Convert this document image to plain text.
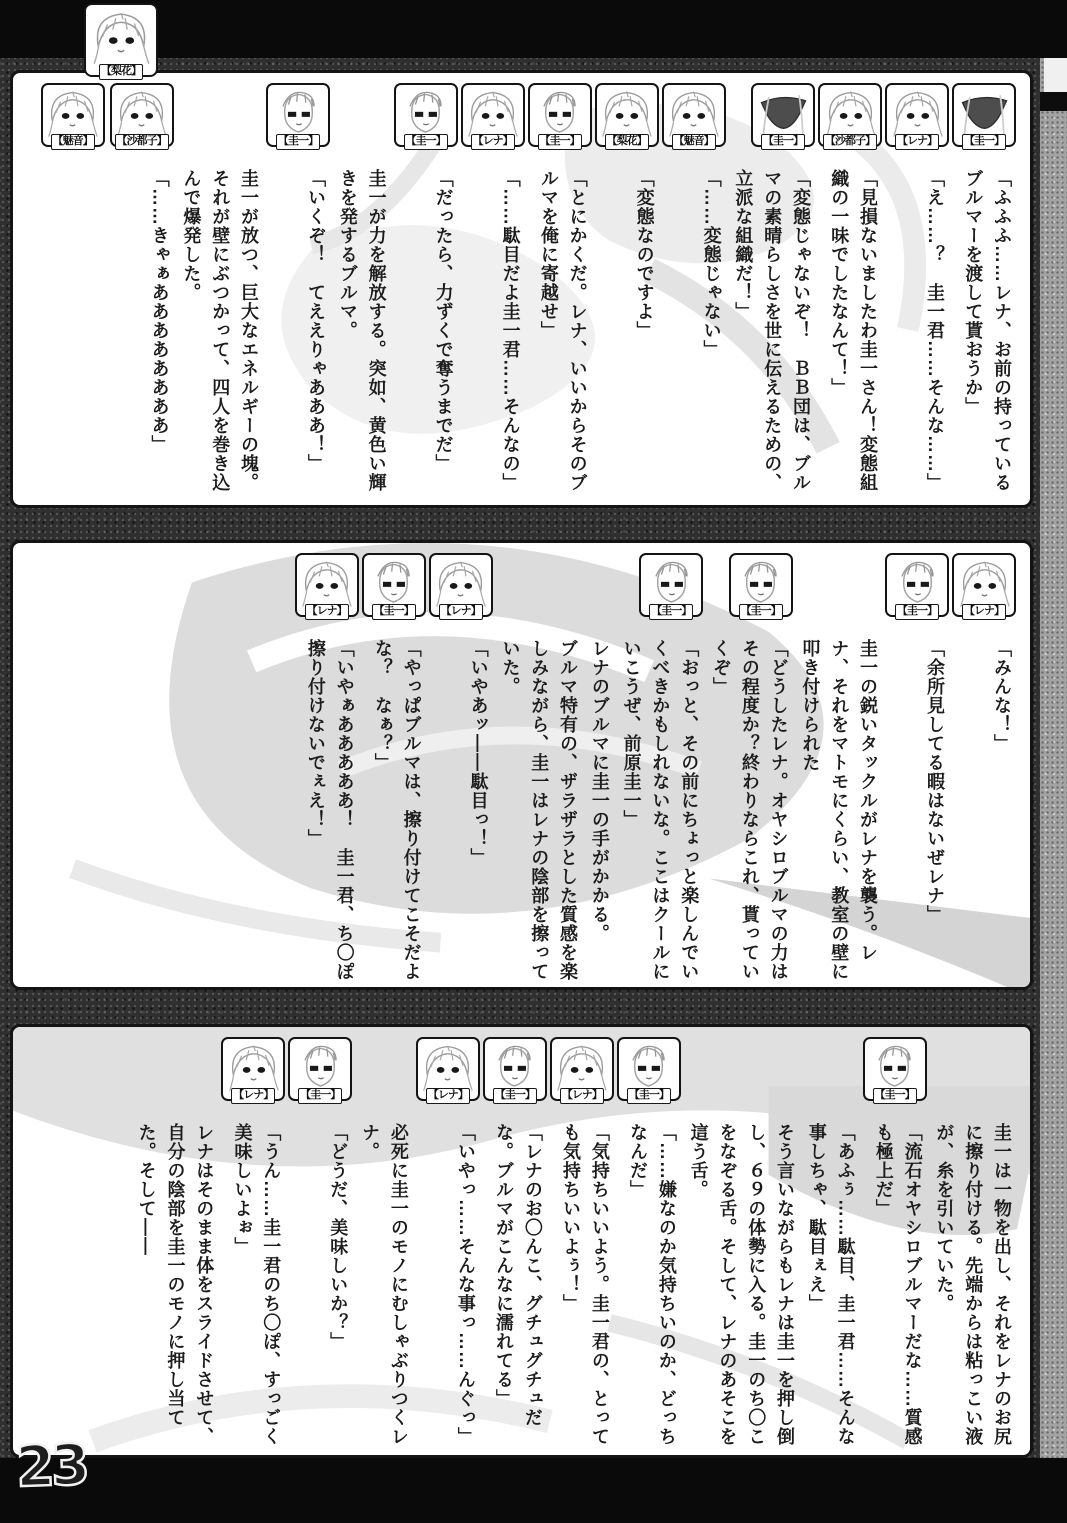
【圭一】
「ふふふ……レナ、お前の持っているブルマーを渡して貰おうか」
【レナ】
「え……？　圭一君……そんな……」
【沙都子】
「見損ないましたわ圭一さん！変態組織の一味でしたなんて！」
【圭一】
「変態じゃないぞ！　ＢＢ団は、ブルマの素晴らしさを世に伝えるための、立派な組織だ！」
【魅音】
「……変態じゃない」
【梨花】
「変態なのですよ」
【圭一】
「とにかくだ。レナ、いいからそのブルマを俺に寄越せ」
【レナ】
「……駄目だよ圭一君……そんなの」
【圭一】
「だったら、力ずくで奪うまでだ」
圭一が力を解放する。突如、黄色い輝きを発するブルマ。
【圭一】
「いくぞ！　てええりゃあああ！」
圭一が放つ、巨大なエネルギーの塊。それが壁にぶつかって、四人を巻き込んで爆発した。
【魅音】 【沙都子】
「……きゃぁああああああああ」
【レナ】
「みんな！」
【圭一】
「余所見してる暇はないぜレナ」
圭一の鋭いタックルがレナを襲う。レナ、それをマトモにくらい、教室の壁に叩き付けられた
【圭一】
「どうしたレナ。オヤシロブルマの力はその程度か？終わりならこれ、貰っていくぞ」
【圭一】
「おっと、その前にちょっと楽しんでいくべきかもしれないな。ここはクールにいこうぜ、前原圭一」
レナのブルマに圭一の手がかかる。
ブルマ特有の、ザラザラとした質感を楽しみながら、圭一はレナの陰部を擦っていた。
【レナ】
「いやあッ――駄目っ！」
【圭一】
「やっぱブルマは、擦り付けてこそだよな？　なぁ？」
【レナ】
「いやぁあああああ！　圭一君、ち〇ぽ擦り付けないでぇえ！」
圭一は一物を出し、それをレナのお尻に擦り付ける。先端からは粘っこい液が、糸を引いていた。
【圭一】
「流石オヤシロブルマーだな……質感も極上だ」
「あふぅ……駄目、圭一君……そんな事しちゃ、駄目ぇえ」
そう言いながらもレナは圭一を押し倒し、６９の体勢に入る。圭一のち〇こをなぞる舌。そして、レナのあそこを這う舌。
【圭一】
「……嫌なのか気持ちいのか、どっちなんだ」
【レナ】
「気持ちいいよう。圭一君の、とっても気持ちいいよぅ！」
【圭一】
「レナのお〇んこ、グチュグチュだな。ブルマがこんなに濡れてる」
【レナ】
「いやっ……そんな事っ……んぐっ」
必死に圭一のモノにむしゃぶりつくレナ。
【圭一】
「どうだ、美味しいか？」
【レナ】
「うん……圭一君のち〇ぽ、すっごく美味しいよぉ」
レナはそのまま体をスライドさせて、自分の陰部を圭一のモノに押し当てた。そして――
【梨花】
23
